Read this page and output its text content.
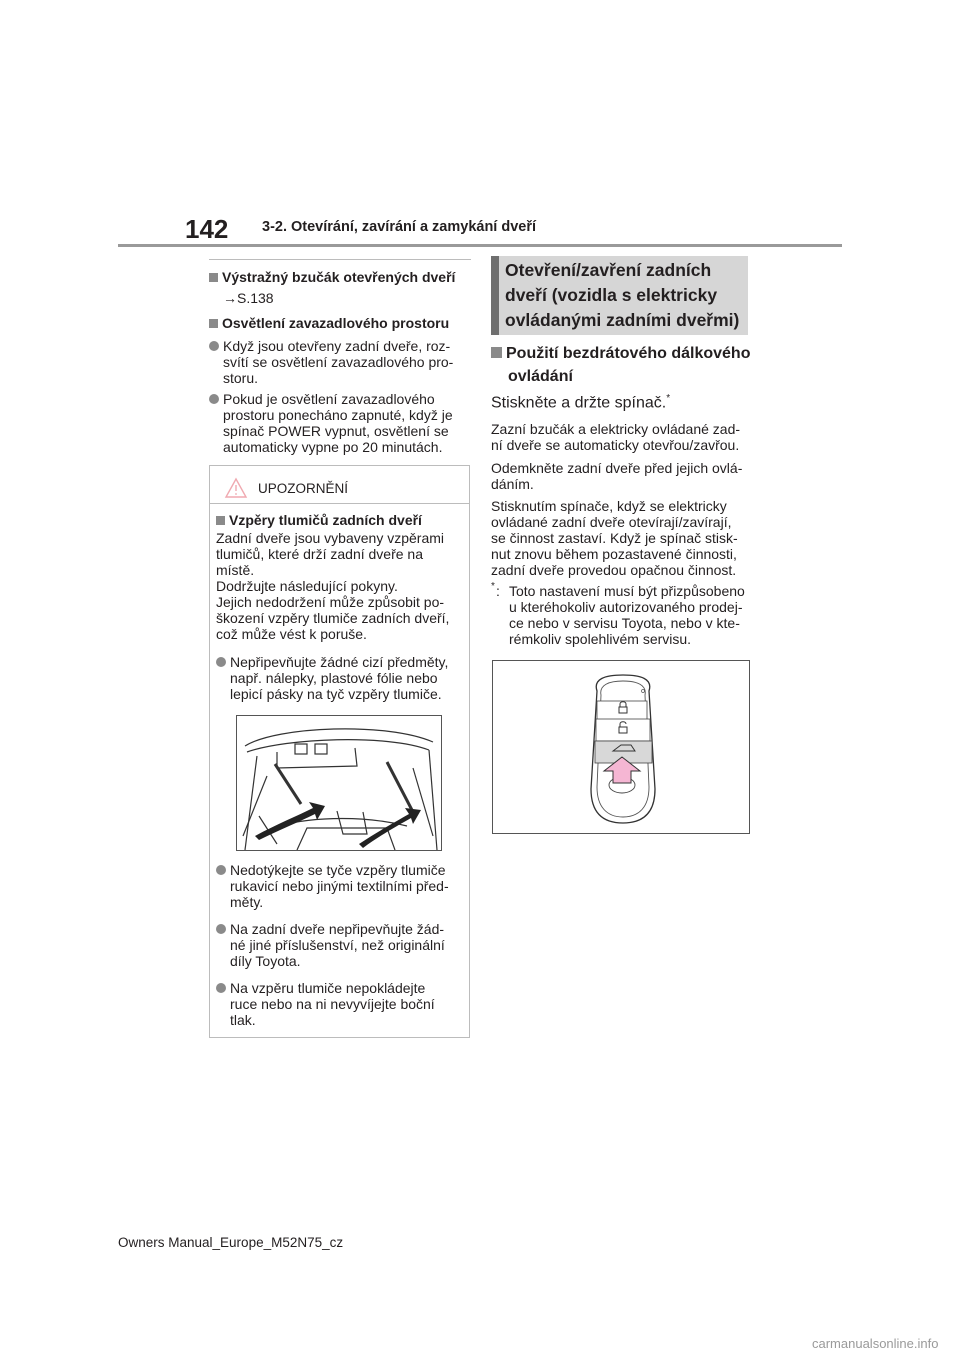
142 3-2. Otevírání, zavírání a zamykání dveří
Výstražný bzučák otevřených dveří
→S.138
Osvětlení zavazadlového prostoru
Když jsou otevřeny zadní dveře, roz-
svítí se osvětlení zavazadlového pro-
storu.
Pokud je osvětlení zavazadlového
prostoru ponecháno zapnuté, když je
spínač POWER vypnut, osvětlení se
automaticky vypne po 20 minutách.
UPOZORNĚNÍ
Vzpěry tlumičů zadních dveří
Zadní dveře jsou vybaveny vzpěrami
tlumičů, které drží zadní dveře na
místě.
Dodržujte následující pokyny.
Jejich nedodržení může způsobit po-
škození vzpěry tlumiče zadních dveří,
což může vést k poruše.
Nepřipevňujte žádné cizí předměty,
např. nálepky, plastové fólie nebo
lepicí pásky na tyč vzpěry tlumiče.
Nedotýkejte se tyče vzpěry tlumiče
rukavicí nebo jinými textilními před-
měty.
Na zadní dveře nepřipevňujte žád-
né jiné příslušenství, než originální
díly Toyota.
Na vzpěru tlumiče nepokládejte
ruce nebo na ni nevyvíjejte boční
tlak.
Otevření/zavření zadních
dveří (vozidla s elektricky
ovládanými zadními dveřmi)
Použití bezdrátového dálkového
ovládání
Stiskněte a držte spínač.*
Zazní bzučák a elektricky ovládané zad-
ní dveře se automaticky otevřou/zavřou.
Odemkněte zadní dveře před jejich ovlá-
dáním.
Stisknutím spínače, když se elektricky
ovládané zadní dveře otevírají/zavírají,
se činnost zastaví. Když je spínač stisk-
nut znovu během pozastavené činnosti,
zadní dveře provedou opačnou činnost.
* : Toto nastavení musí být přizpůsobeno
u kteréhokoliv autorizovaného prodej-
ce nebo v servisu Toyota, nebo v kte-
rémkoliv spolehlivém servisu.
Owners Manual_Europe_M52N75_cz
carmanualsonline.info
